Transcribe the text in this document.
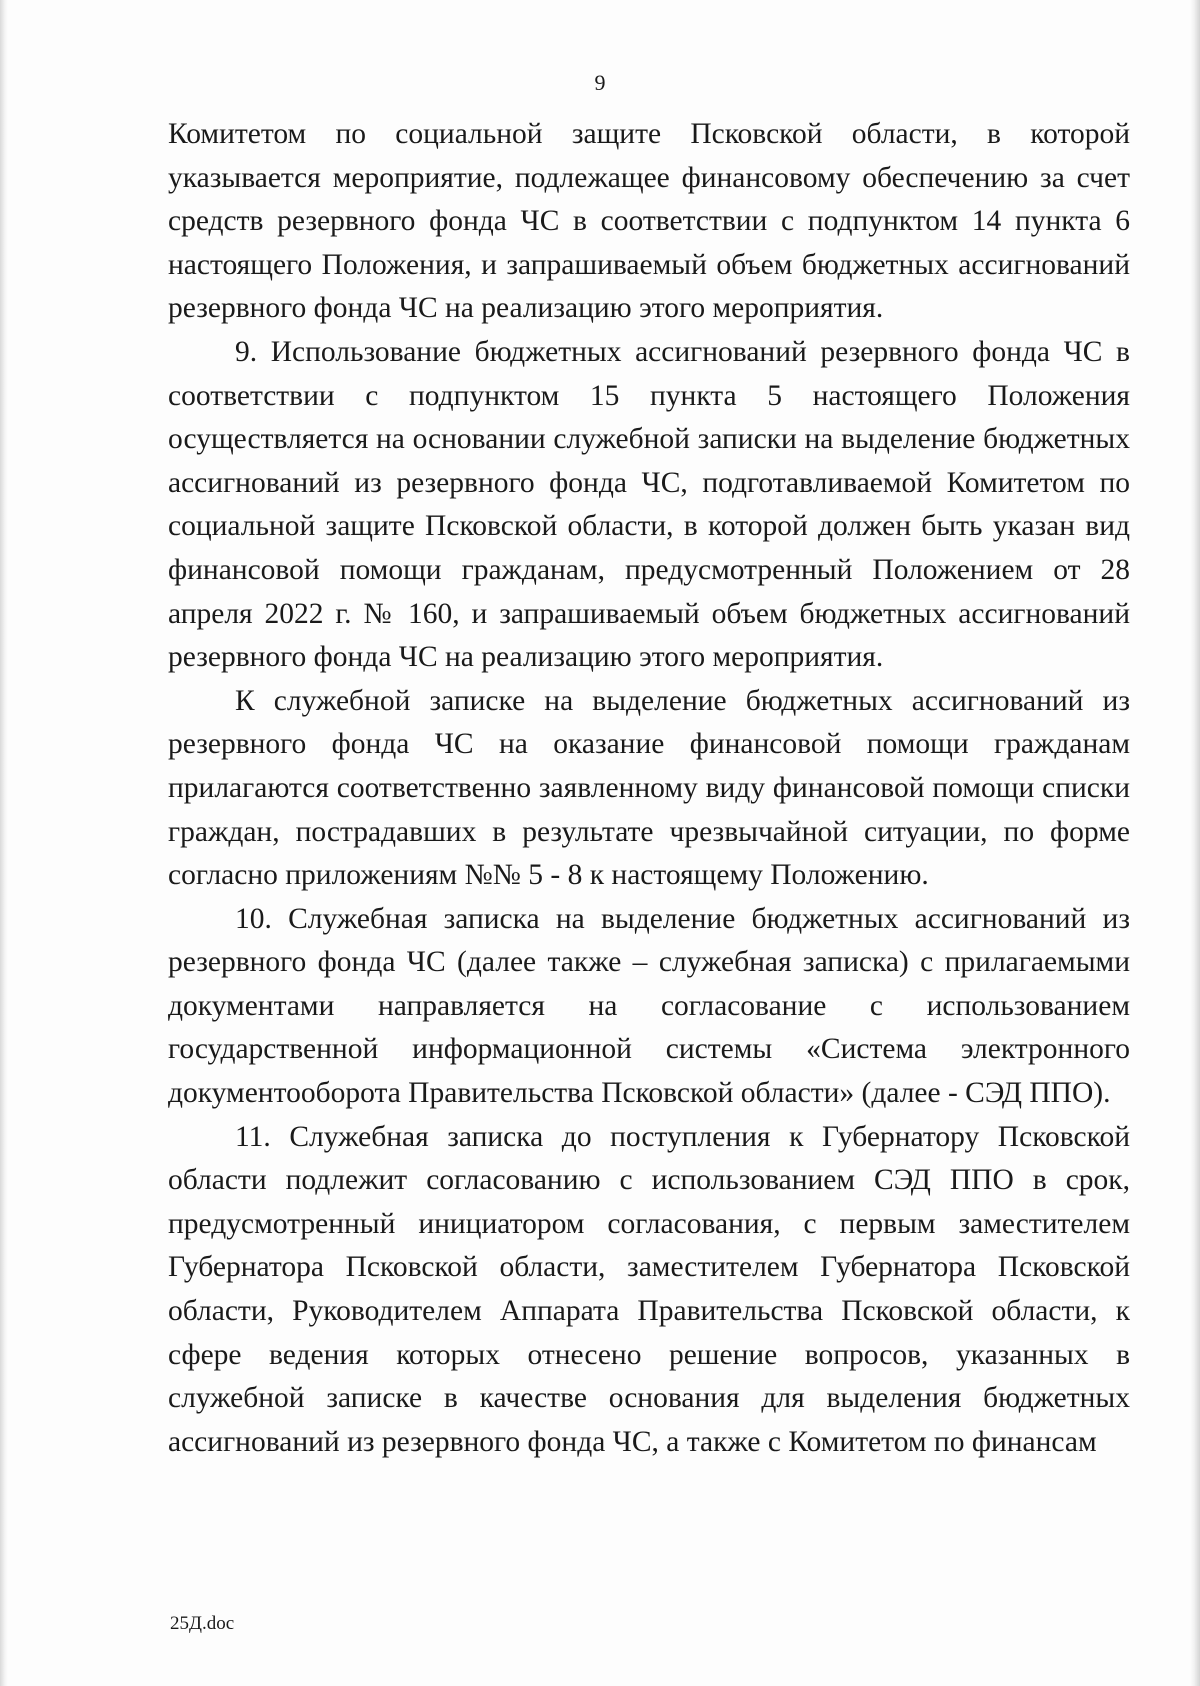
9

Комитетом по социальной защите Псковской области, в которой указывается мероприятие, подлежащее финансовому обеспечению за счет средств резервного фонда ЧС в соответствии с подпунктом 14 пункта 6 настоящего Положения, и запрашиваемый объем бюджетных ассигнований резервного фонда ЧС на реализацию этого мероприятия.

9. Использование бюджетных ассигнований резервного фонда ЧС в соответствии с подпунктом 15 пункта 5 настоящего Положения осуществляется на основании служебной записки на выделение бюджетных ассигнований из резервного фонда ЧС, подготавливаемой Комитетом по социальной защите Псковской области, в которой должен быть указан вид финансовой помощи гражданам, предусмотренный Положением от 28 апреля 2022 г. № 160, и запрашиваемый объем бюджетных ассигнований резервного фонда ЧС на реализацию этого мероприятия.

К служебной записке на выделение бюджетных ассигнований из резервного фонда ЧС на оказание финансовой помощи гражданам прилагаются соответственно заявленному виду финансовой помощи списки граждан, пострадавших в результате чрезвычайной ситуации, по форме согласно приложениям №№ 5 - 8 к настоящему Положению.

10. Служебная записка на выделение бюджетных ассигнований из резервного фонда ЧС (далее также – служебная записка) с прилагаемыми документами направляется на согласование с использованием государственной информационной системы «Система электронного документооборота Правительства Псковской области» (далее - СЭД ППО).

11. Служебная записка до поступления к Губернатору Псковской области подлежит согласованию с использованием СЭД ППО в срок, предусмотренный инициатором согласования, с первым заместителем Губернатора Псковской области, заместителем Губернатора Псковской области, Руководителем Аппарата Правительства Псковской области, к сфере ведения которых отнесено решение вопросов, указанных в служебной записке в качестве основания для выделения бюджетных ассигнований из резервного фонда ЧС, а также с Комитетом по финансам

25Д.doc
